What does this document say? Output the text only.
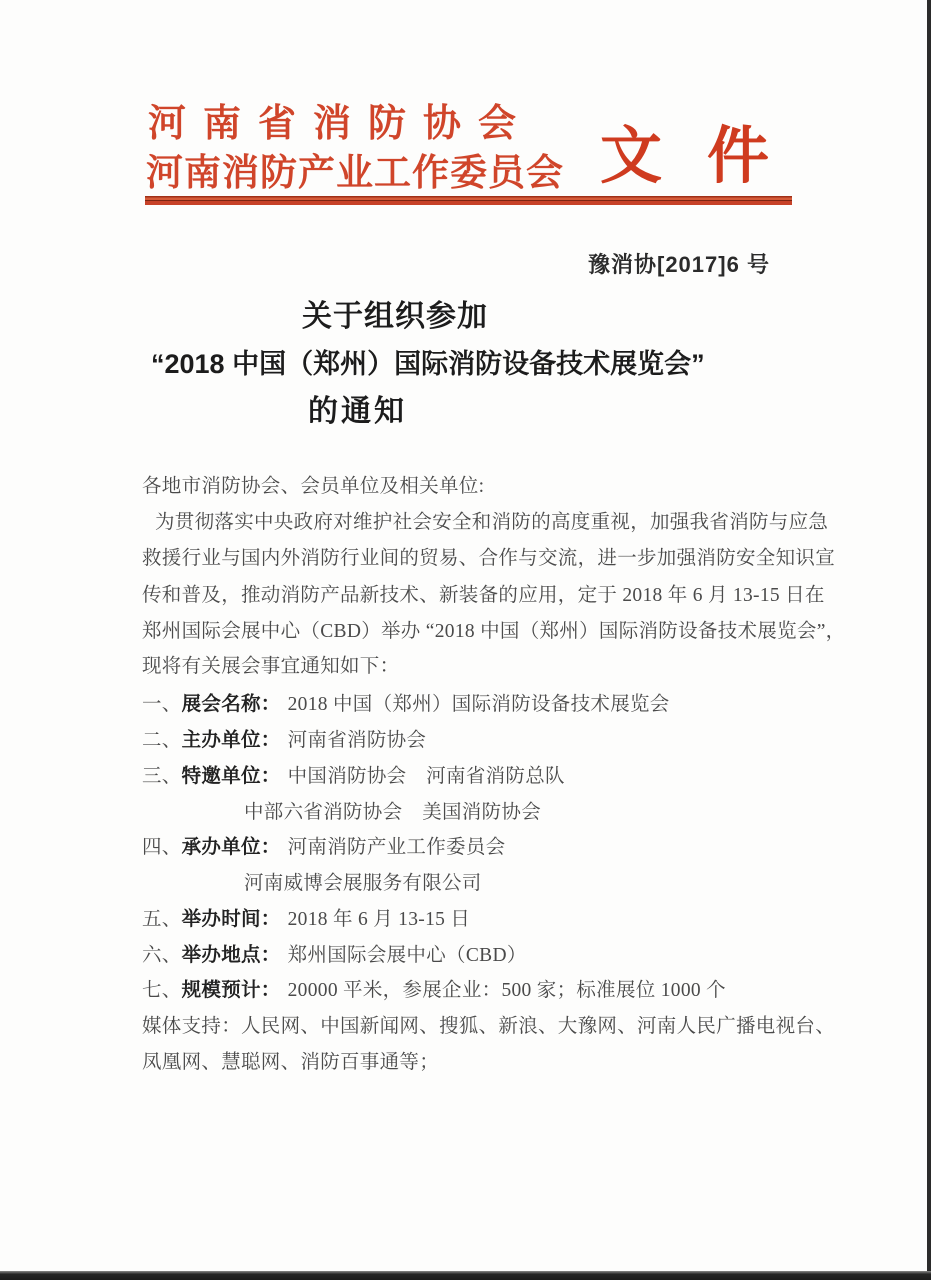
河南省消防协会
河南消防产业工作委员会 文件
豫消协[2017]6 号
关于组织参加
“2018 中国（郑州）国际消防设备技术展览会”
的通知
各地市消防协会、会员单位及相关单位:
为贯彻落实中央政府对维护社会安全和消防的高度重视，加强我省消防与应急
救援行业与国内外消防行业间的贸易、合作与交流，进一步加强消防安全知识宣
传和普及，推动消防产品新技术、新装备的应用，定于 2018 年 6 月 13-15 日在
郑州国际会展中心（CBD）举办 “2018 中国（郑州）国际消防设备技术展览会”，
现将有关展会事宜通知如下：
一、展会名称： 2018 中国（郑州）国际消防设备技术展览会
二、主办单位： 河南省消防协会
三、特邀单位： 中国消防协会　河南省消防总队
中部六省消防协会　美国消防协会
四、承办单位： 河南消防产业工作委员会
河南威博会展服务有限公司
五、举办时间： 2018 年 6 月 13-15 日
六、举办地点： 郑州国际会展中心（CBD）
七、规模预计： 20000 平米，参展企业：500 家；标准展位 1000 个
媒体支持：人民网、中国新闻网、搜狐、新浪、大豫网、河南人民广播电视台、
凤凰网、慧聪网、消防百事通等；
